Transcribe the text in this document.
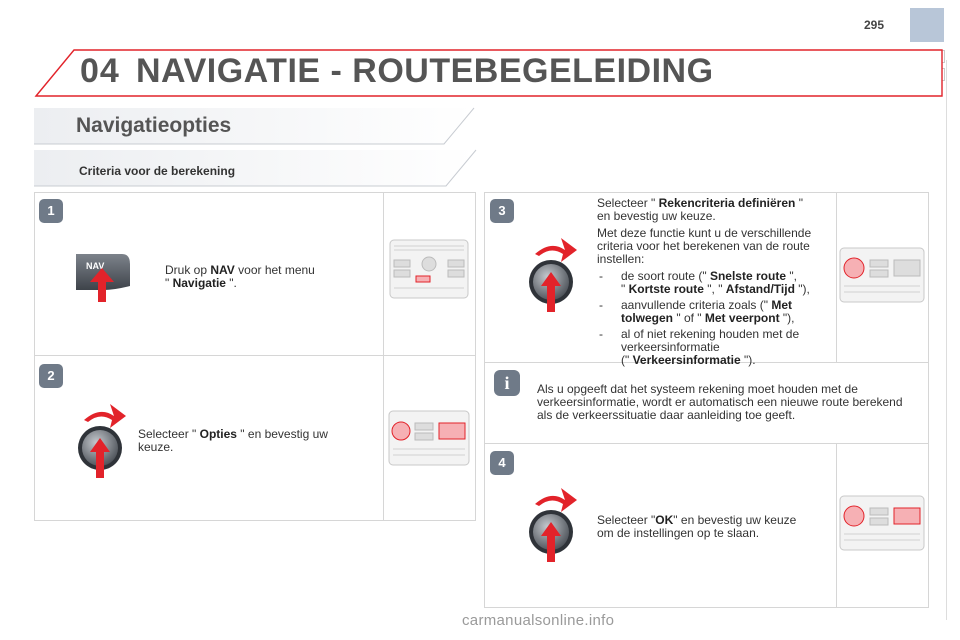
295
04 NAVIGATIE - ROUTEBEGELEIDING
Navigatieopties
Criteria voor de berekening
1
NAV	Druk op NAV voor het menu
" Navigatie ".
2
Selecteer " Opties " en bevestig uw
keuze.
3	Selecteer " Rekencriteria definiëren "
en bevestig uw keuze.

Met deze functie kunt u de verschillende criteria voor het berekenen van de route instellen:

- de soort route (" Snelste route ",
" Kortste route ", " Afstand/Tijd "),
- aanvullende criteria zoals (" Met
tolwegen " of " Met veerpont "),
- al of niet rekening houden met de
verkeersinformatie
(" Verkeersinformatie ").
i	Als u opgeeft dat het systeem rekening moet houden met de verkeersinformatie, wordt er automatisch een nieuwe route berekend als de verkeerssituatie daar aanleiding toe geeft.
4
Selecteer "OK" en bevestig uw keuze
om de instellingen op te slaan.
carmanualsonline.info
